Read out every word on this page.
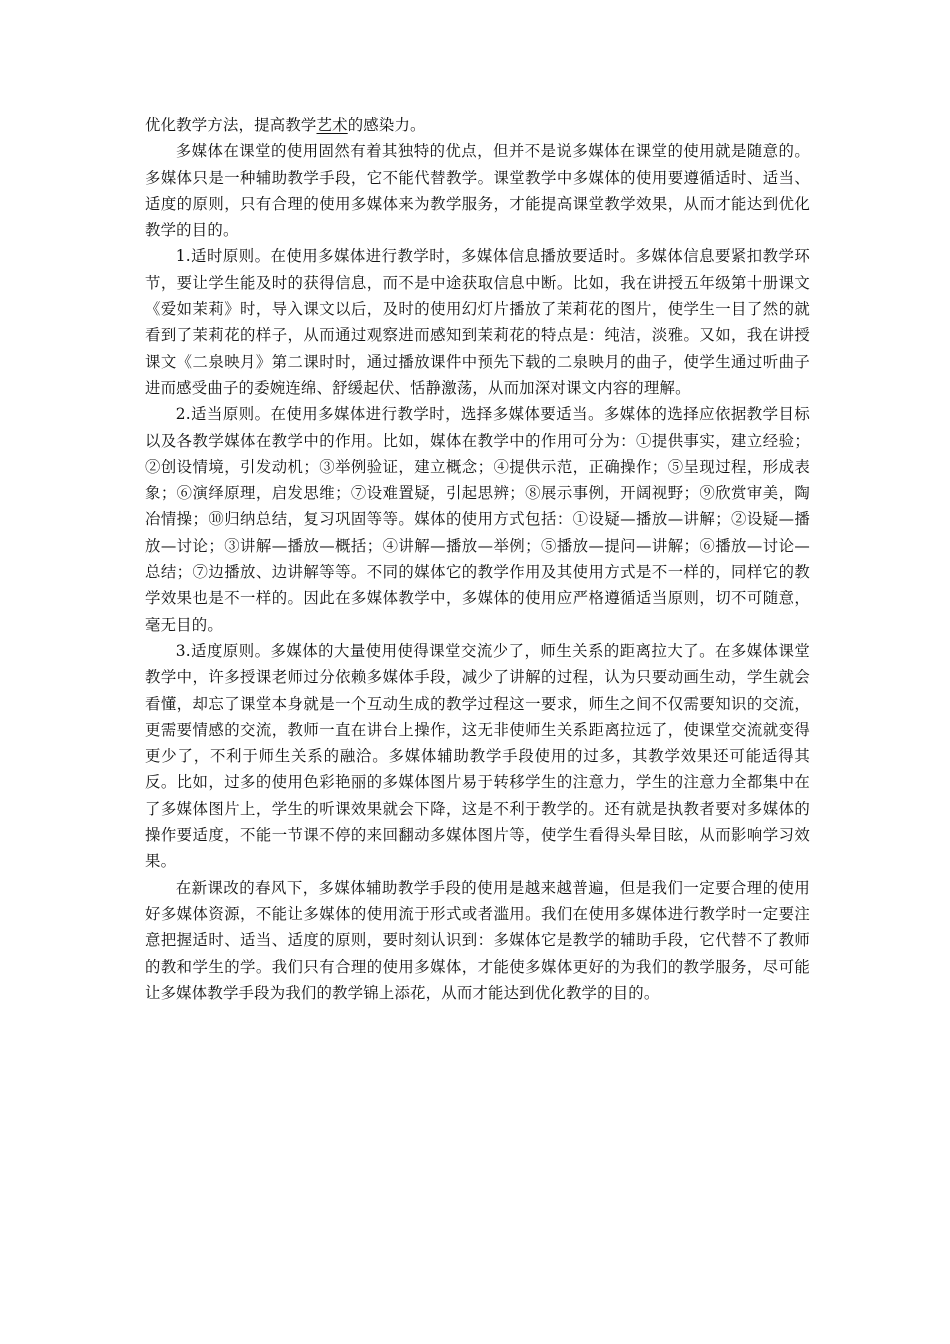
优化教学方法，提高教学艺术的感染力。

多媒体在课堂的使用固然有着其独特的优点，但并不是说多媒体在课堂的使用就是随意的。多媒体只是一种辅助教学手段，它不能代替教学。课堂教学中多媒体的使用要遵循适时、适当、适度的原则，只有合理的使用多媒体来为教学服务，才能提高课堂教学效果，从而才能达到优化教学的目的。

1.适时原则。在使用多媒体进行教学时，多媒体信息播放要适时。多媒体信息要紧扣教学环节，要让学生能及时的获得信息，而不是中途获取信息中断。比如，我在讲授五年级第十册课文《爱如茉莉》时，导入课文以后，及时的使用幻灯片播放了茉莉花的图片，使学生一目了然的就看到了茉莉花的样子，从而通过观察进而感知到茉莉花的特点是：纯洁，淡雅。又如，我在讲授课文《二泉映月》第二课时时，通过播放课件中预先下载的二泉映月的曲子，使学生通过听曲子进而感受曲子的委婉连绵、舒缓起伏、恬静激荡，从而加深对课文内容的理解。

2.适当原则。在使用多媒体进行教学时，选择多媒体要适当。多媒体的选择应依据教学目标以及各教学媒体在教学中的作用。比如，媒体在教学中的作用可分为：①提供事实，建立经验；②创设情境，引发动机；③举例验证，建立概念；④提供示范，正确操作；⑤呈现过程，形成表象；⑥演绎原理，启发思维；⑦设难置疑，引起思辨；⑧展示事例，开阔视野；⑨欣赏审美，陶冶情操；⑩归纳总结，复习巩固等等。媒体的使用方式包括：①设疑—播放—讲解；②设疑—播放—讨论；③讲解—播放—概括；④讲解—播放—举例；⑤播放—提问—讲解；⑥播放—讨论—总结；⑦边播放、边讲解等等。不同的媒体它的教学作用及其使用方式是不一样的，同样它的教学效果也是不一样的。因此在多媒体教学中，多媒体的使用应严格遵循适当原则，切不可随意，毫无目的。

3.适度原则。多媒体的大量使用使得课堂交流少了，师生关系的距离拉大了。在多媒体课堂教学中，许多授课老师过分依赖多媒体手段，减少了讲解的过程，认为只要动画生动，学生就会看懂，却忘了课堂本身就是一个互动生成的教学过程这一要求，师生之间不仅需要知识的交流，更需要情感的交流，教师一直在讲台上操作，这无非使师生关系距离拉远了，使课堂交流就变得更少了，不利于师生关系的融洽。多媒体辅助教学手段使用的过多，其教学效果还可能适得其反。比如，过多的使用色彩艳丽的多媒体图片易于转移学生的注意力，学生的注意力全都集中在了多媒体图片上，学生的听课效果就会下降，这是不利于教学的。还有就是执教者要对多媒体的操作要适度，不能一节课不停的来回翻动多媒体图片等，使学生看得头晕目眩，从而影响学习效果。

在新课改的春风下，多媒体辅助教学手段的使用是越来越普遍，但是我们一定要合理的使用好多媒体资源，不能让多媒体的使用流于形式或者滥用。我们在使用多媒体进行教学时一定要注意把握适时、适当、适度的原则，要时刻认识到：多媒体它是教学的辅助手段，它代替不了教师的教和学生的学。我们只有合理的使用多媒体，才能使多媒体更好的为我们的教学服务，尽可能让多媒体教学手段为我们的教学锦上添花，从而才能达到优化教学的目的。
